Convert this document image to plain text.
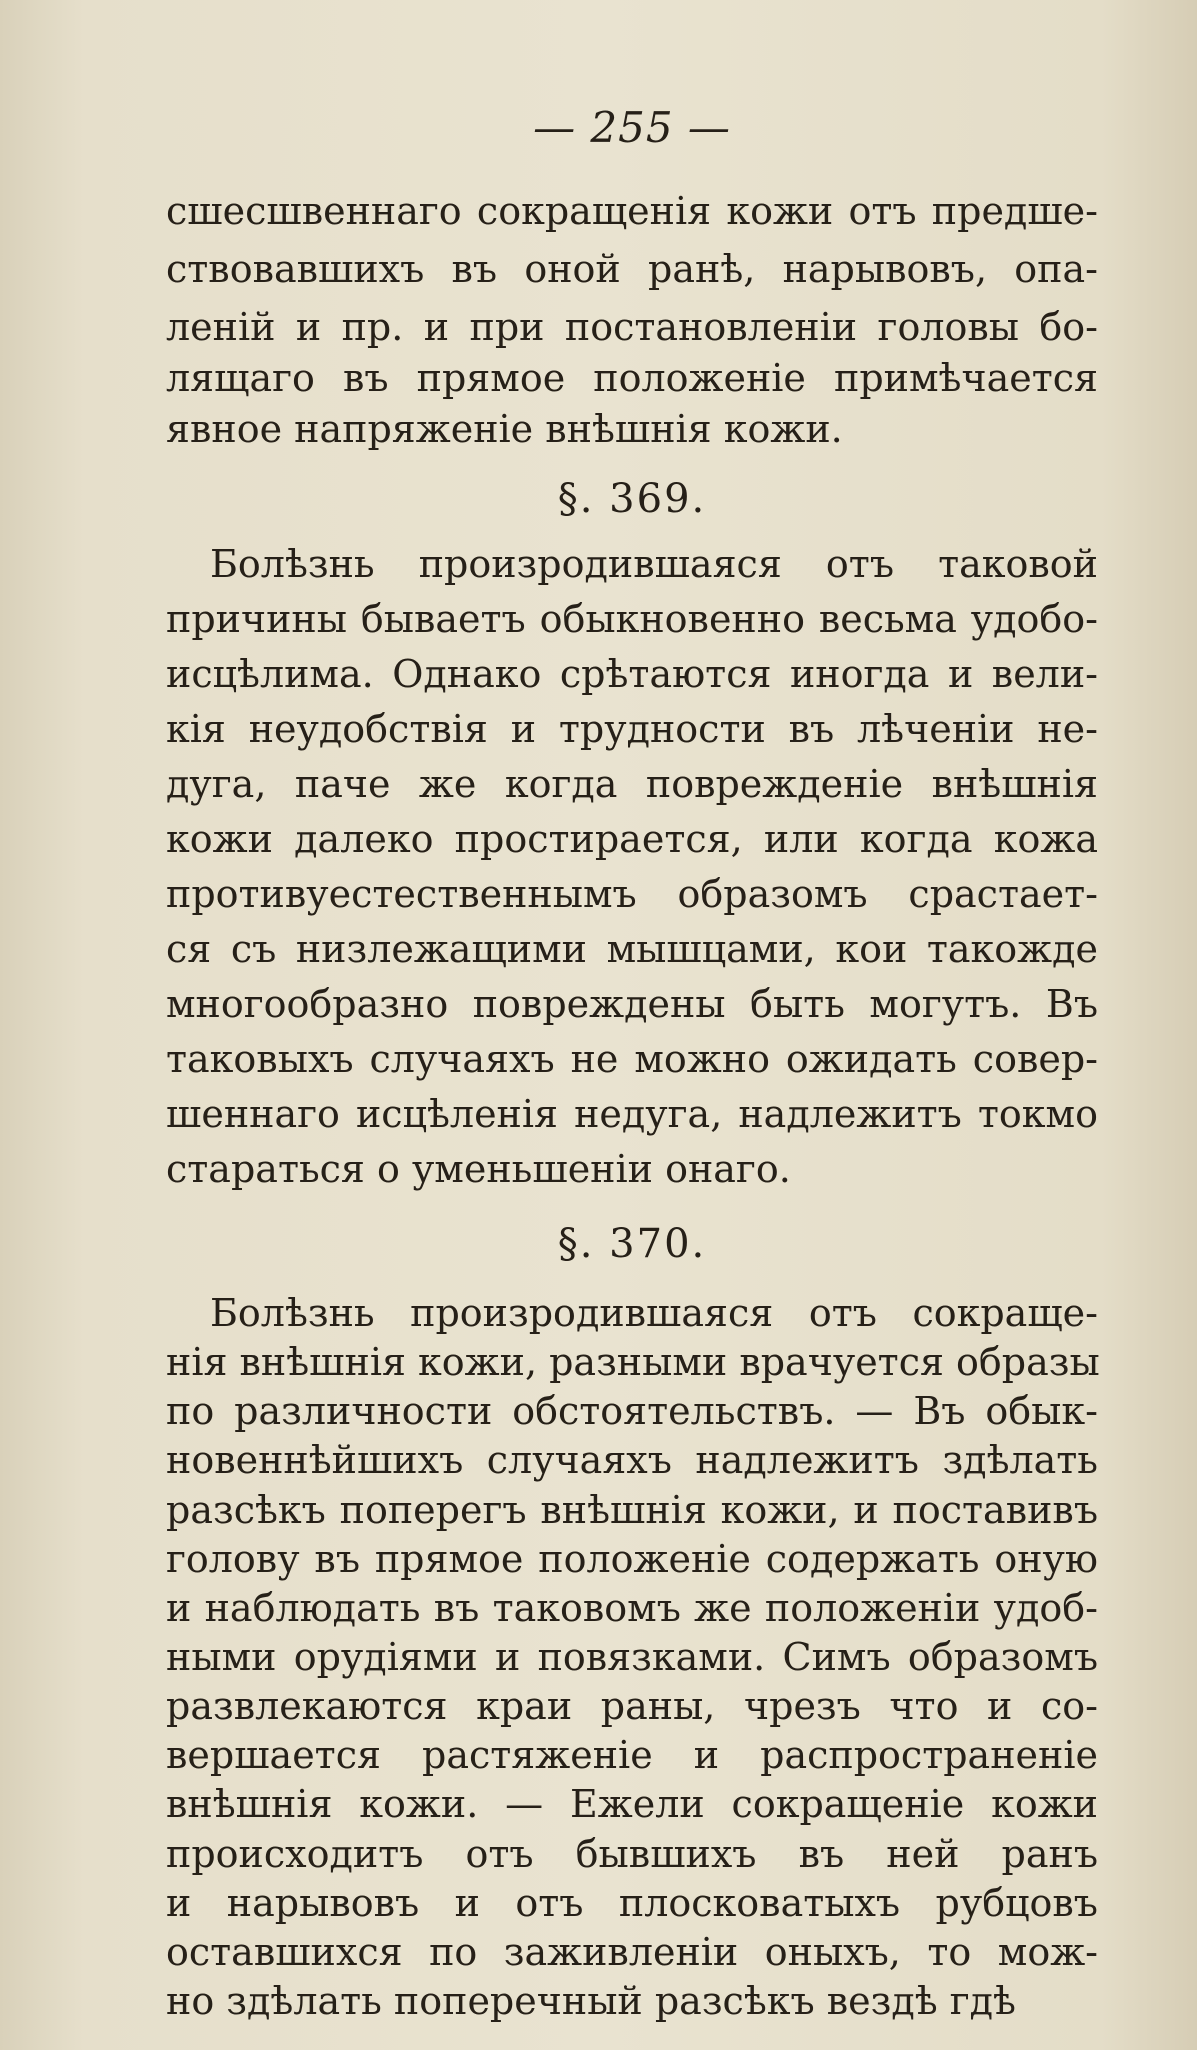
— 255 —
сшесшвеннаго сокращенія кожи отъ предше-
ствовавшихъ въ оной ранѣ, нарывовъ, опа-
леній и пр. и при постановленіи головы бо-
лящаго въ прямое положеніе примѣчается
явное напряженіе внѣшнія кожи.
§. 369.
Болѣзнь произродившаяся отъ таковой
причины бываетъ обыкновенно весьма удобо-
исцѣлима. Однако срѣтаются иногда и вели-
кія неудобствія и трудности въ лѣченіи не-
дуга, паче же когда поврежденіе внѣшнія
кожи далеко простирается, или когда кожа
противуестественнымъ образомъ срастает-
ся съ низлежащими мышцами, кои такожде
многообразно повреждены быть могутъ. Въ
таковыхъ случаяхъ не можно ожидать совер-
шеннаго исцѣленія недуга, надлежитъ токмо
стараться о уменьшеніи онаго.
§. 370.
Болѣзнь произродившаяся отъ сокраще-
нія внѣшнія кожи, разными врачуется образы
по различности обстоятельствъ. — Въ обык-
новеннѣйшихъ случаяхъ надлежитъ здѣлать
разсѣкъ поперегъ внѣшнія кожи, и поставивъ
голову въ прямое положеніе содержать оную
и наблюдать въ таковомъ же положеніи удоб-
ными орудіями и повязками. Симъ образомъ
развлекаются краи раны, чрезъ что и со-
вершается растяженіе и распространеніе
внѣшнія кожи. — Ежели сокращеніе кожи
происходитъ отъ бывшихъ въ ней ранъ
и нарывовъ и отъ плосковатыхъ рубцовъ
оставшихся по заживленіи оныхъ, то мож-
но здѣлать поперечный разсѣкъ вездѣ гдѣ
